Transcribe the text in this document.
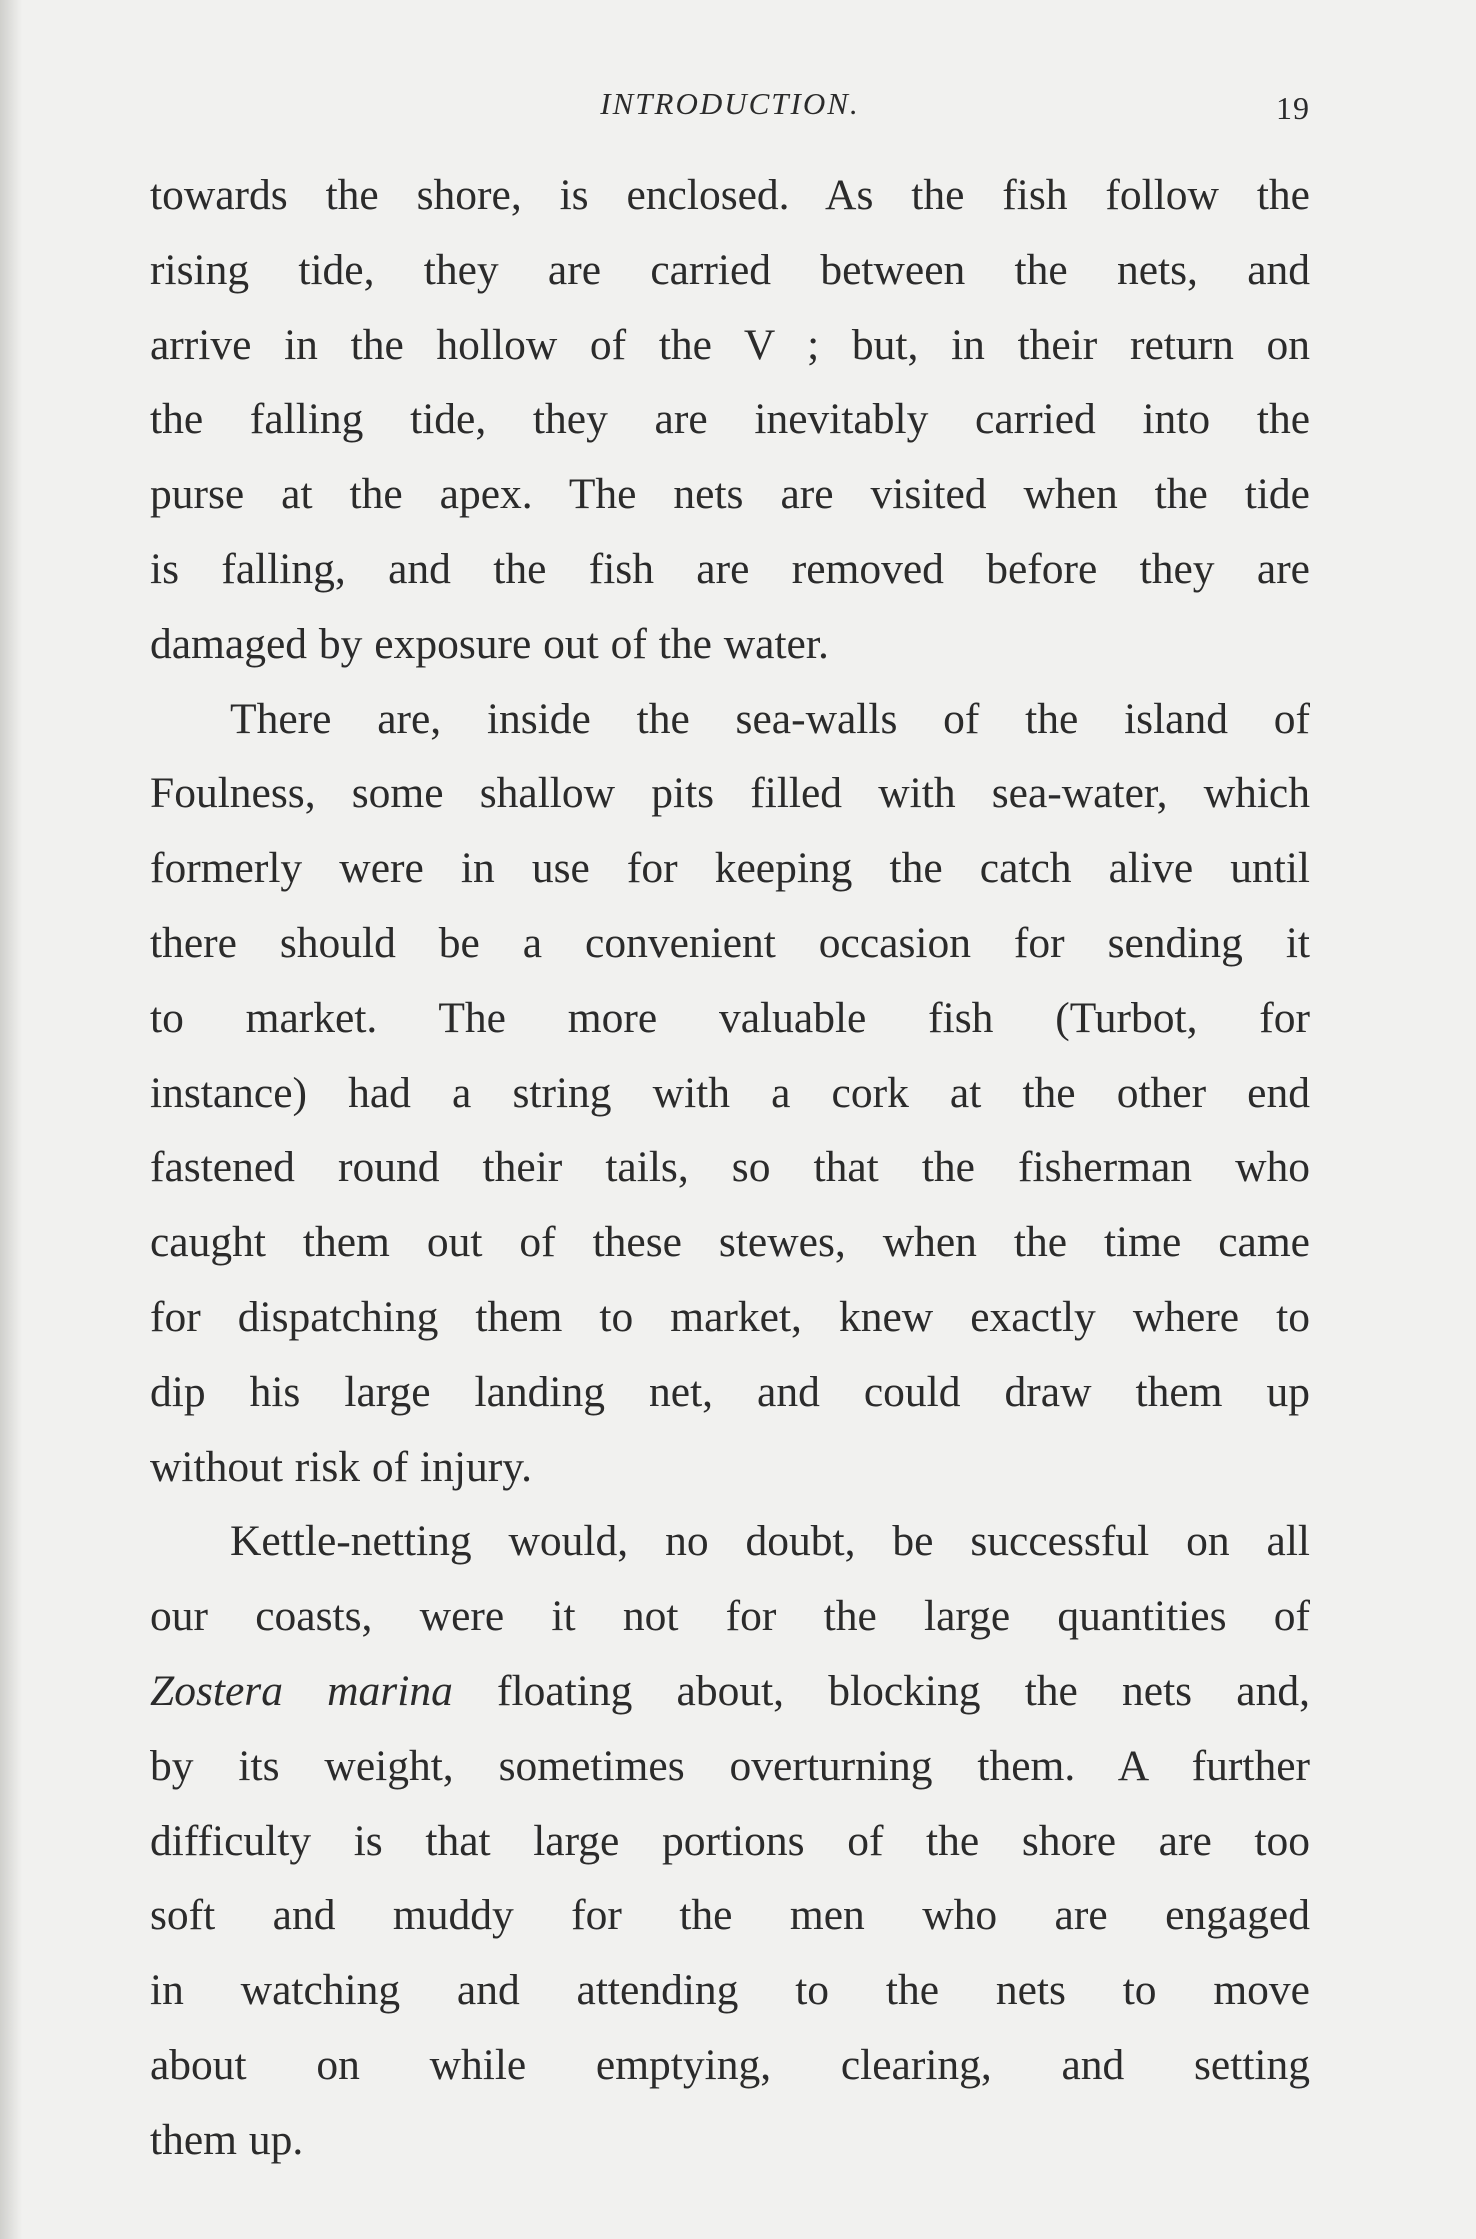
INTRODUCTION.	19

towards the shore, is enclosed. As the fish follow the
rising tide, they are carried between the nets, and
arrive in the hollow of the V ; but, in their return on
the falling tide, they are inevitably carried into the
purse at the apex. The nets are visited when the tide
is falling, and the fish are removed before they are
damaged by exposure out of the water.

There are, inside the sea-walls of the island of
Foulness, some shallow pits filled with sea-water, which
formerly were in use for keeping the catch alive until
there should be a convenient occasion for sending it
to market. The more valuable fish (Turbot, for
instance) had a string with a cork at the other end
fastened round their tails, so that the fisherman who
caught them out of these stewes, when the time came
for dispatching them to market, knew exactly where to
dip his large landing net, and could draw them up
without risk of injury.

Kettle-netting would, no doubt, be successful on all
our coasts, were it not for the large quantities of
Zostera marina floating about, blocking the nets and,
by its weight, sometimes overturning them. A further
difficulty is that large portions of the shore are too
soft and muddy for the men who are engaged
in watching and attending to the nets to move
about on while emptying, clearing, and setting
them up.
